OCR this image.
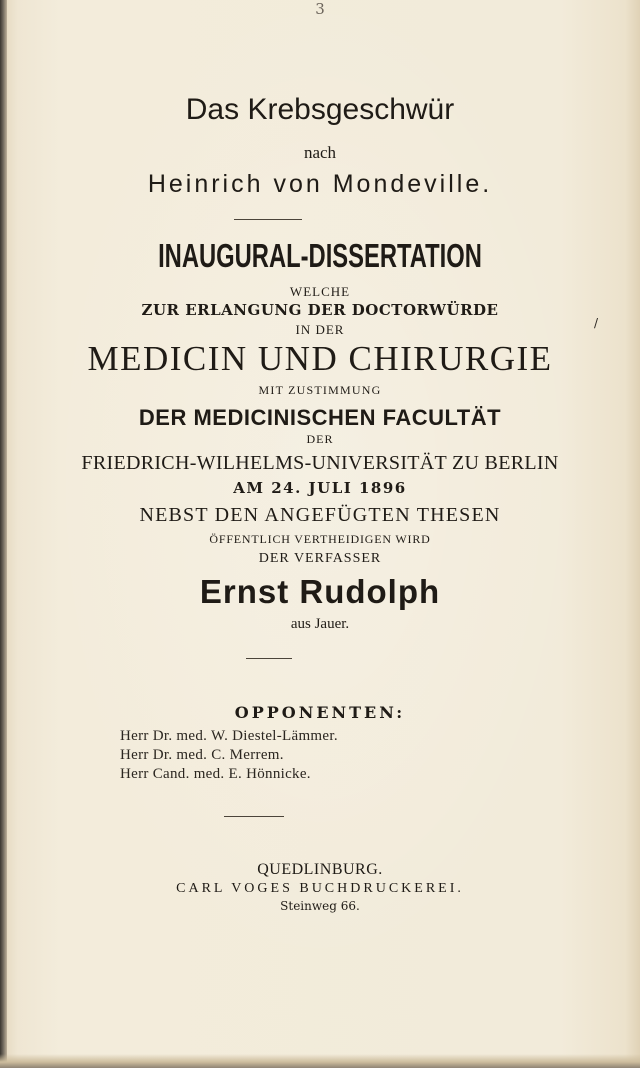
3
Das Krebsgeschwür
nach
Heinrich von Mondeville.
INAUGURAL-DISSERTATION
WELCHE
ZUR ERLANGUNG DER DOCTORWÜRDE
IN DER
MEDICIN UND CHIRURGIE
MIT ZUSTIMMUNG
DER MEDICINISCHEN FACULTÄT
DER
FRIEDRICH-WILHELMS-UNIVERSITÄT ZU BERLIN
AM 24. JULI 1896
NEBST DEN ANGEFÜGTEN THESEN
ÖFFENTLICH VERTHEIDIGEN WIRD
DER VERFASSER
Ernst Rudolph
aus Jauer.
OPPONENTEN:
Herr Dr. med. W. Diestel-Lämmer.
Herr Dr. med. C. Merrem.
Herr Cand. med. E. Hönnicke.
QUEDLINBURG.
CARL VOGES BUCHDRUCKEREI.
Steinweg 66.
/
